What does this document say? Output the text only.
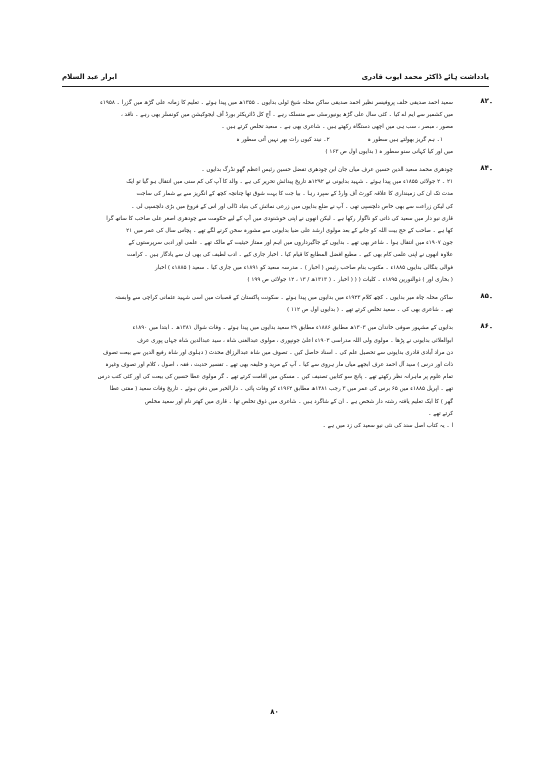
یادداشت ہائے ڈاکٹر محمد ایوب قادری
ابرار عبد السلام
۸۲۔
سعید احمد صدیقی خلف پروفیسر نظیر احمد صدیقی ساکن محلہ شیخ ٹولی بدایوں ۔ ۱۳۵۵ھ میں پیدا ہوئے ۔ تعلیم کا زمانہ علی گڑھ میں گزرا ۔ ۱۹۵۸ء
میں کشمیر سے ایم اے کیا ۔ کئی سال علی گڑھ یونیورسٹی سے منسلک رہے ۔ آج کل ڈائریکٹر بورڈ آف ایجوکیشن میں کونسلر بھی رہے ۔ ناقد ،
مصور ، مبصر ، سب ہی میں اچھی دستگاہ رکھتے ہیں ۔ شاعری بھی ہے ۔ سعید تخلص کرتے ہیں ۔
۱۔ ہم گریز بھولتے ہیں سطور ہ
۲۔ نیند کیوں رات بھر نہیں آتی سطور ہ
میں اور کیا کہانی سنو سطور ہ ( بدایوں اول ص ۱۶۳ )
۸۴۔
چودھری محمد سعید الدین حسین عرف میاں جان ابن چودھری تفضل حسین رئیس اعظم گھو نڈرگ بدایوں ۔
۲۱ ۔ ۲ جولائی ۱۸۵۵ء میں پیدا ہوئے ۔ شہید بدایونی نے ۱۲۹۲ھ تاریخ پیدائش تحریر کی ہے ۔ والد کا آپ کی کم سنی میں انتقال ہو گیا تو ایک
مدت تک ان کی زمینداری کا علاقہ کورٹ آف وارڈ کے سپرد رہا ۔ بیا جت کا بہت شوق تھا چنانچہ کچھ کے انگریز سے بے شمار کی ساجت
کی لیکن زراعت سے بھی خاص دلچسپی تھی ۔ آپ نے ضلع بدایوں میں زرعی نمائش کی بنیاد ڈالی اور اس کے فروغ میں بڑی دلچسپی لی ۔
قاری نیو دار میں سعید کی ذاتی کو ناگوار رکھا ہے ۔ لیکن انھوں نے اپنی خوشنودی میں آپ کے لیے حکومت سے چودھری اصغر علی صاحب کا ساتھ گرا
کھا ہے ۔ صاحب کے حج بیت اللہ کو جانے کے بعد مولوی ارشد علی ضیا بدایونی سے مشورہ سخن کرنے لگے تھے ۔ پچاس سال کی عمر میں ۲۱
جون ۱۹۰۷ء میں انتقال ہوا ۔ شاعر بھی تھے ۔ بدایوں کے جاگیرداروں میں اہم اور ممتاز حیثیت کے مالک تھے ۔ علمی اور ادبی سرپرستوں کے
علاوہ انھوں نے اپنی علمی کام بھی کیے ۔ مطبع افضل المطابع کا قیام کیا ۔ اخبار جاری کیے ۔ ادب لطیف کی بھی ان سے یادگار ہیں ۔ کرامت
فوالی بنگالی بدایوں ۱۸۸۵ء ۔ مکتوب بنام صاحب رئیس ( اخبار ) ۔ مدرسہ سعید کو ۱۸۹۱ء میں جاری کیا ۔ سعید ( ۱۸۸۵ء ) اخبار
( بخاری اور ) ذوالنورین ۱۸۹۵ء ۔ کلیات ( ( ( اخبار ۔ ( ۱۳۱۳ھ / ۱۳ ، ۱۲ جولائی ص ۱۹۹ )
۸۵۔
ساکن محلہ چاہ میر بدایوں ۔ کچھ کلام ۱۹۲۳ء میں بدایوں میں پیدا ہوئے ۔ سکونت پاکستان کے قصبات میں اسی شہید عثمانی کراچی سے وابستہ
تھے ۔ شاعری بھی کی ۔ سعید تخلص کرتے تھے ۔ ( بدایوں اول ص ۱۱۲ )
۸۶۔
بدایوں کے مشہور صوفی خاندان میں ۱۳۰۳ھ مطابق ۱۸۸۶ء مطابق ۲۹ سعید بدایوں میں پیدا ہوئے ۔ وفات شوال ۱۳۸۱ھ ۔ ابتدا میں ۱۸۹۰ء
ابوالعلائی بدایونی نے پڑھا ۔ مولوی ولی اللہ مدراسی ۱۹۰۳ء اعلیٰ جونپوری ، مولوی عبدالغنی شاہ ، سید عبدالدین شاہ جہاں پوری عرف
دن مراد آبادی قادری بدایونی سے تحصیل علم کی ۔ اسناد حاصل کیں ۔ تصوف میں شاہ عبدالرزاق محدث ( دہلوی اور شاہ رفیع الدین سے بیعت تصوف
ذات اور درس ) سید آل احمد عرف ابجھے میاں مار ہروی سے کیا ۔ آپ کے مرید و خلیفہ بھی تھے ۔ تفسیر حدیث ، فقہ ، اصول ، کلام اور تصوف وغیرہ
تمام علوم پر ماہرانہ نظر رکھتے تھے ۔ پانچ سو کتابیں تصنیف کیں ۔ مسکن میں اقامت کرتے تھے ۔ گر مولوی عطا حسین کی بیعت کی اور کئی کتب درس
تھے ۔ اپریل ۱۸۸۵ء میں ۶۵ برس کی عمر میں ۳ رجب ۱۳۸۱ھ مطابق ۱۹۶۲ء کو وفات پائی ۔ دارالخیر میں دفن ہوئے ۔ تاریخ وفات سعید ( مفتی عطا
گھر ) کا ایک تعلیم یافتہ رشتہ دار شخص ہے ۔ ان کے شاگرد ہیں ۔ شاعری میں ذوق تخلص تھا ۔ قاری میں کھتر نام اور سعید مخلص
کرتے تھے ۔
ا ۔ یہ کتاب اصل سند کی نئی نیو سعید کی زد میں ہے ۔
۸۰
